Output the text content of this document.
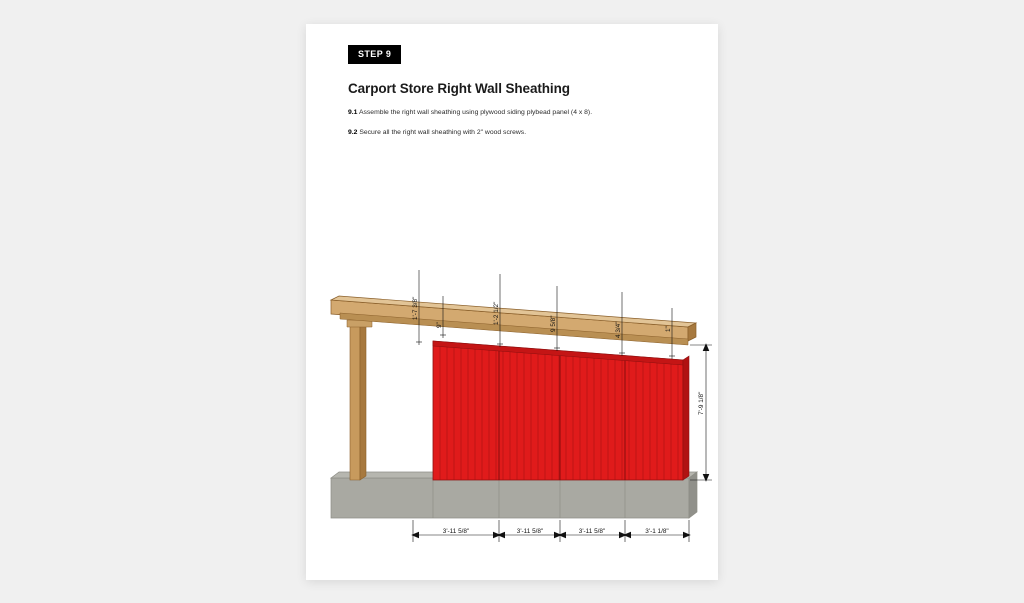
STEP 9
Carport Store Right Wall Sheathing
9.1 Assemble the right wall sheathing using plywood siding plybead panel (4 x 8).
9.2 Secure all the right wall sheathing with 2" wood screws.
1'-7 3/8"
9"
1'-2 1/2"	9 5/8"	4 3/4"	1"
7'-9 1/8"
3'-11 5/8"	3'-11 5/8"	3'-11 5/8"	3'-1 1/8"
